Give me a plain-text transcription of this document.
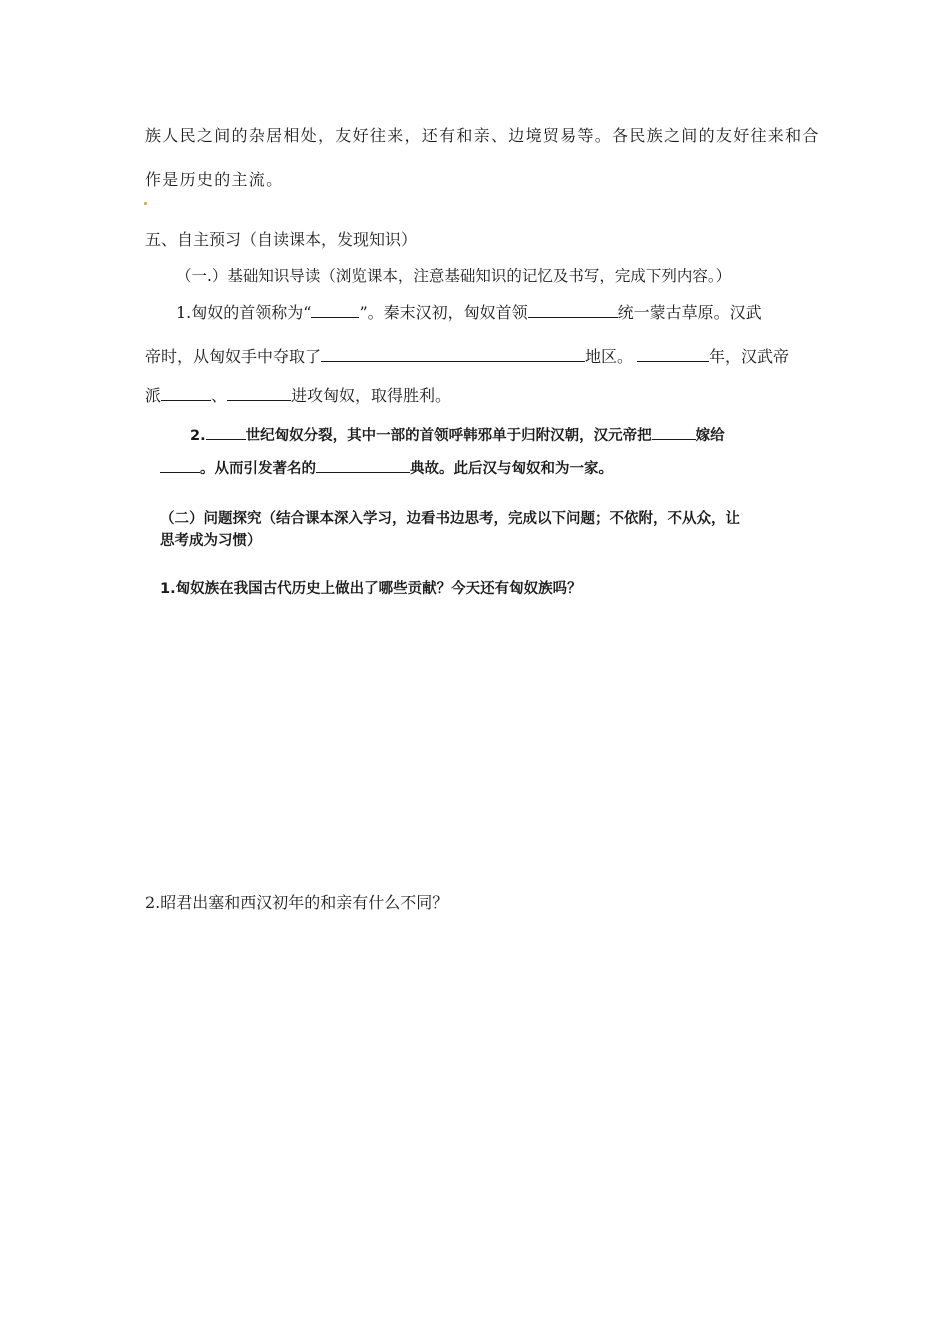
族人民之间的杂居相处，友好往来，还有和亲、边境贸易等。各民族之间的友好往来和合
作是历史的主流。
五、自主预习（自读课本，发现知识）
（一.）基础知识导读（浏览课本，注意基础知识的记忆及书写，完成下列内容。）
1.匈奴的首领称为“	”。秦末汉初，匈奴首领	统一蒙古草原。汉武
帝时，从匈奴手中夺取了	地区。	年，汉武帝
派	、	进攻匈奴，取得胜利。
2.	世纪匈奴分裂，其中一部的首领呼韩邪单于归附汉朝，汉元帝把	嫁给
。从而引发著名的	典故。此后汉与匈奴和为一家。
（二）问题探究（结合课本深入学习，边看书边思考，完成以下问题；不依附，不从众，让
思考成为习惯）
1.匈奴族在我国古代历史上做出了哪些贡献？今天还有匈奴族吗？
2.昭君出塞和西汉初年的和亲有什么不同？
